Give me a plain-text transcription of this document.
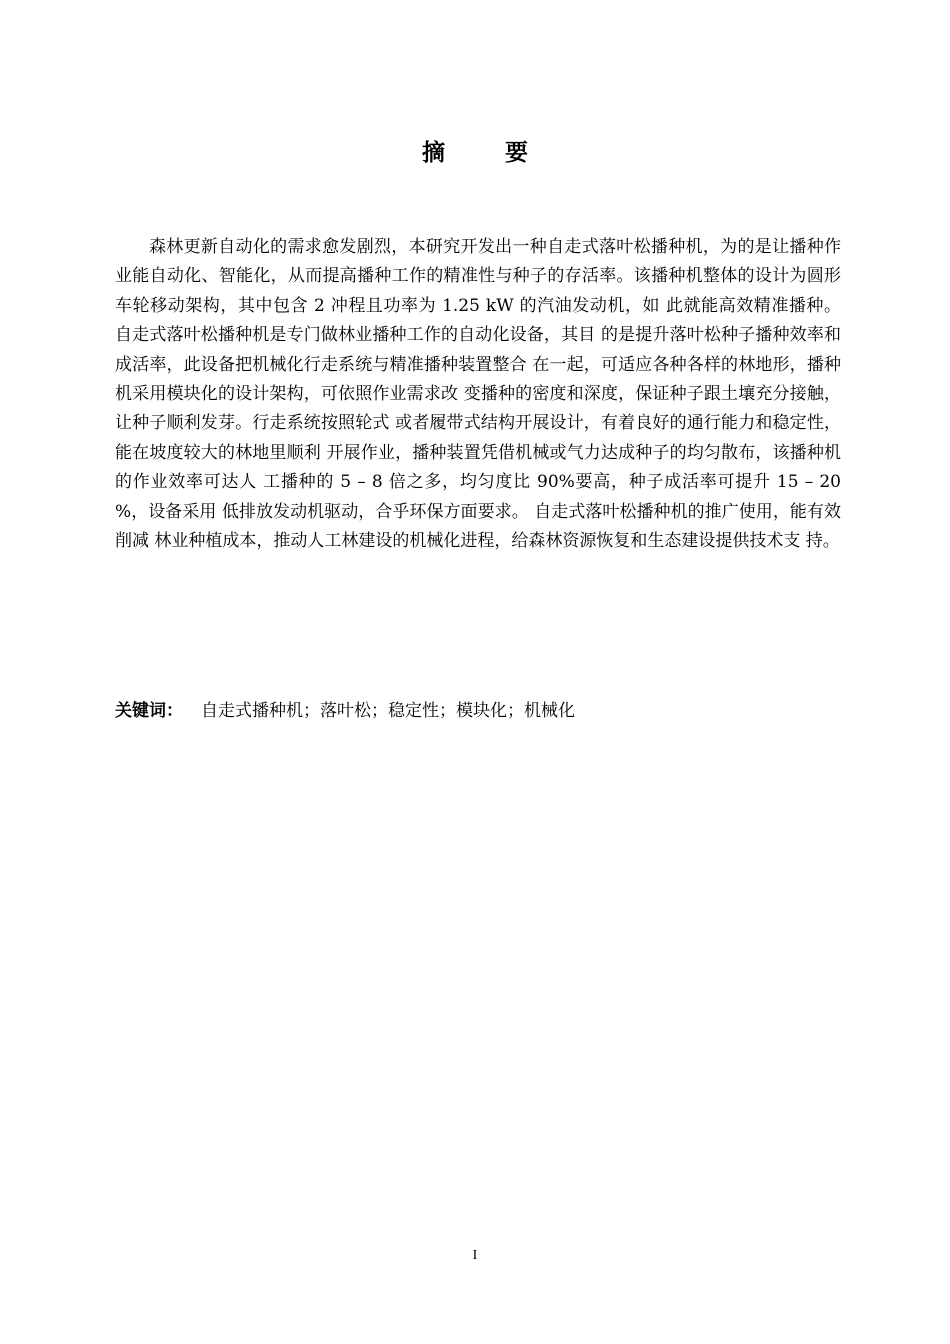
摘 要

森林更新自动化的需求愈发剧烈，本研究开发出一种自走式落叶松播种机，为的是让播种作业能自动化、智能化，从而提高播种工作的精准性与种子的存活率。该播种机整体的设计为圆形车轮移动架构，其中包含 2 冲程且功率为 1.25 kW 的汽油发动机，如 此就能高效精准播种。 自走式落叶松播种机是专门做林业播种工作的自动化设备，其目 的是提升落叶松种子播种效率和成活率，此设备把机械化行走系统与精准播种装置整合 在一起，可适应各种各样的林地形，播种机采用模块化的设计架构，可依照作业需求改 变播种的密度和深度，保证种子跟土壤充分接触，让种子顺利发芽。行走系统按照轮式 或者履带式结构开展设计，有着良好的通行能力和稳定性，能在坡度较大的林地里顺利 开展作业，播种装置凭借机械或气力达成种子的均匀散布，该播种机的作业效率可达人 工播种的 5 – 8 倍之多，均匀度比 90%要高，种子成活率可提升 15 – 20 %，设备采用 低排放发动机驱动，合乎环保方面要求。 自走式落叶松播种机的推广使用，能有效削减 林业种植成本，推动人工林建设的机械化进程，给森林资源恢复和生态建设提供技术支 持。

关键词： 自走式播种机；落叶松；稳定性；模块化；机械化
I
